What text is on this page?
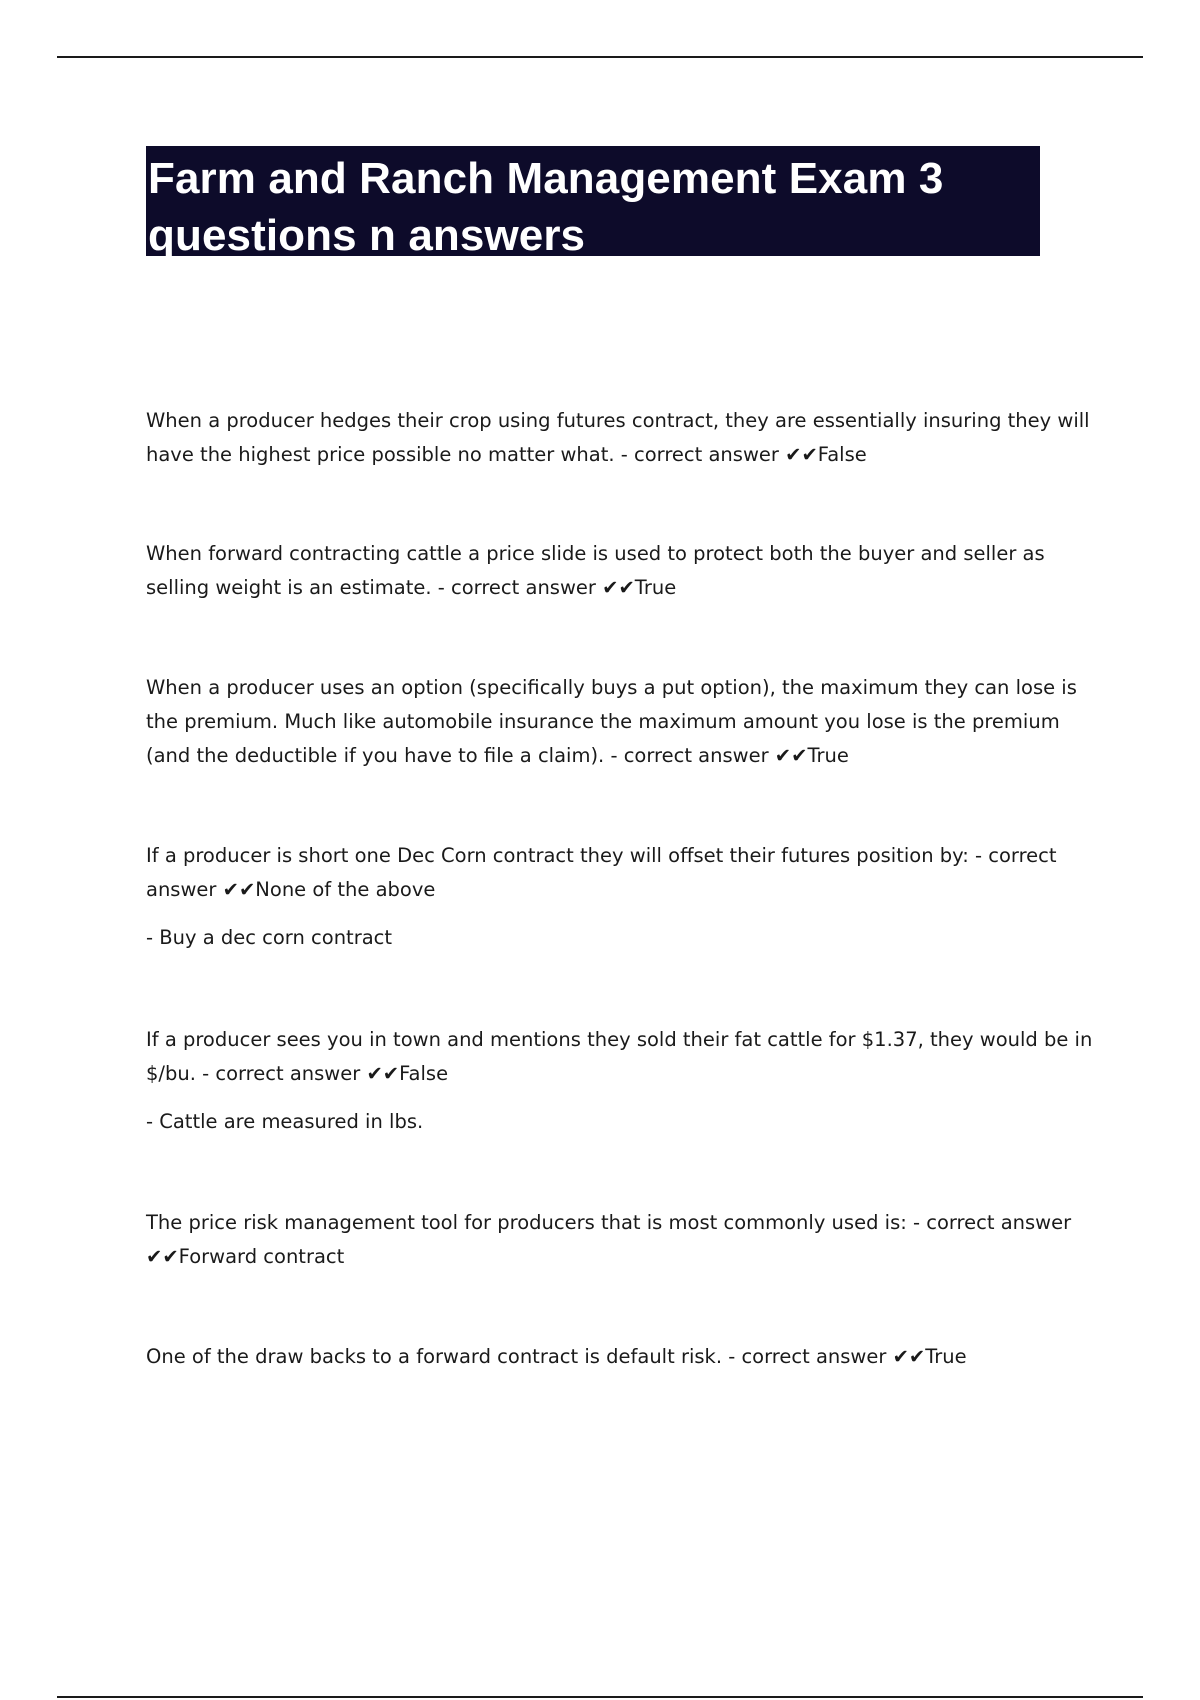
Farm and Ranch Management Exam 3
questions n answers

When a producer hedges their crop using futures contract, they are essentially insuring they will have the highest price possible no matter what. - correct answer ✔✔False

When forward contracting cattle a price slide is used to protect both the buyer and seller as selling weight is an estimate. - correct answer ✔✔True

When a producer uses an option (specifically buys a put option), the maximum they can lose is the premium. Much like automobile insurance the maximum amount you lose is the premium (and the deductible if you have to file a claim). - correct answer ✔✔True

If a producer is short one Dec Corn contract they will offset their futures position by: - correct answer ✔✔None of the above

- Buy a dec corn contract

If a producer sees you in town and mentions they sold their fat cattle for $1.37, they would be in $/bu. - correct answer ✔✔False

- Cattle are measured in lbs.

The price risk management tool for producers that is most commonly used is: - correct answer ✔✔Forward contract

One of the draw backs to a forward contract is default risk. - correct answer ✔✔True
